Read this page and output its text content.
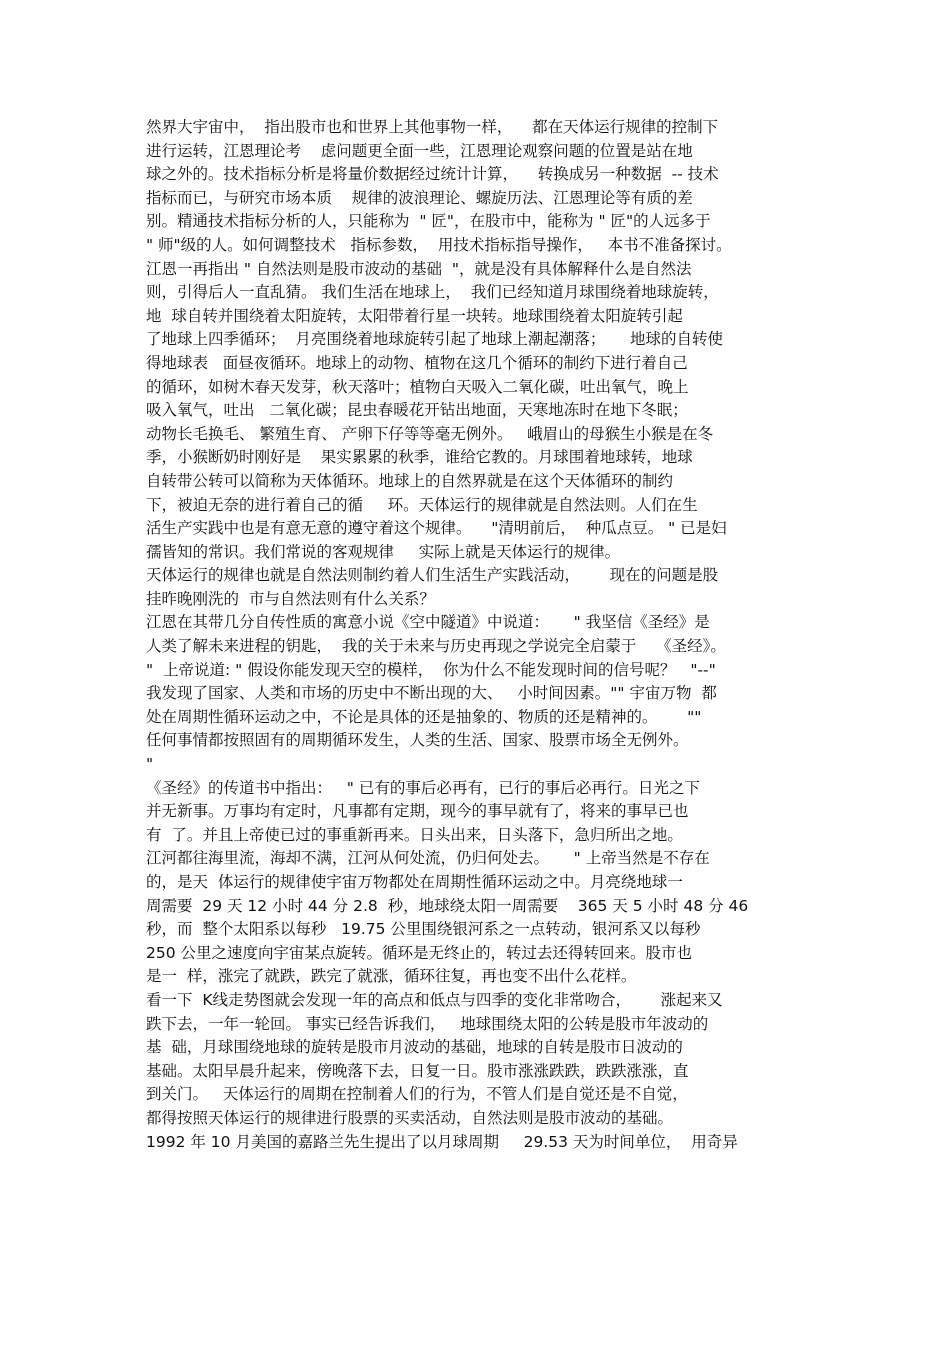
然界大宇宙中，  指出股市也和世界上其他事物一样，    都在天体运行规律的控制下
进行运转，江恩理论考    虑问题更全面一些，江恩理论观察问题的位置是站在地
球之外的。技术指标分析是将量价数据经过统计计算，    转换成另一种数据  -- 技术
指标而已，与研究市场本质    规律的波浪理论、螺旋历法、江恩理论等有质的差
别。精通技术指标分析的人，只能称为  " 匠"，在股市中，能称为 " 匠"的人远多于
" 师"级的人。如何调整技术   指标参数，  用技术指标指导操作，   本书不准备探讨。
江恩一再指出 " 自然法则是股市波动的基础  "，就是没有具体解释什么是自然法
则，引得后人一直乱猜。 我们生活在地球上，  我们已经知道月球围绕着地球旋转，
地  球自转并围绕着太阳旋转，太阳带着行星一块转。地球围绕着太阳旋转引起
了地球上四季循环；  月亮围绕着地球旋转引起了地球上潮起潮落；     地球的自转使
得地球表   面昼夜循环。地球上的动物、植物在这几个循环的制约下进行着自己
的循环，如树木春天发芽，秋天落叶；植物白天吸入二氧化碳，吐出氧气，晚上
吸入氧气，吐出   二氧化碳；昆虫春暖花开钻出地面，天寒地冻时在地下冬眠；
动物长毛换毛、 繁殖生育、 产卵下仔等等毫无例外。   峨眉山的母猴生小猴是在冬
季，小猴断奶时刚好是    果实累累的秋季，谁给它教的。月球围着地球转，地球
自转带公转可以简称为天体循环。地球上的自然界就是在这个天体循环的制约
下，被迫无奈的进行着自己的循     环。天体运行的规律就是自然法则。人们在生
活生产实践中也是有意无意的遵守着这个规律。    "清明前后，  种瓜点豆。 " 已是妇
孺皆知的常识。我们常说的客观规律     实际上就是天体运行的规律。
天体运行的规律也就是自然法则制约着人们生活生产实践活动，      现在的问题是股
挂昨晚刚洗的  市与自然法则有什么关系？
江恩在其带几分自传性质的寓意小说《空中隧道》中说道：     " 我坚信《圣经》是
人类了解未来进程的钥匙，  我的关于未来与历史再现之学说完全启蒙于    《圣经》。
"  上帝说道: " 假设你能发现天空的模样，  你为什么不能发现时间的信号呢？   "--"
我发现了国家、人类和市场的历史中不断出现的大、   小时间因素。"" 宇宙万物  都
处在周期性循环运动之中，不论是具体的还是抽象的、物质的还是精神的。      ""
任何事情都按照固有的周期循环发生，人类的生活、国家、股票市场全无例外。
"
《圣经》的传道书中指出：   " 已有的事后必再有，已行的事后必再行。日光之下
并无新事。万事均有定时，凡事都有定期，现今的事早就有了，将来的事早已也
有  了。并且上帝使已过的事重新再来。日头出来，日头落下，急归所出之地。
江河都往海里流，海却不满，江河从何处流，仍归何处去。     " 上帝当然是不存在
的，是天  体运行的规律使宇宙万物都处在周期性循环运动之中。月亮绕地球一
周需要  29 天 12 小时 44 分 2.8  秒，地球绕太阳一周需要    365 天 5 小时 48 分 46
秒，而  整个太阳系以每秒   19.75 公里围绕银河系之一点转动，银河系又以每秒
250 公里之速度向宇宙某点旋转。循环是无终止的，转过去还得转回来。股市也
是一  样，涨完了就跌，跌完了就涨，循环往复，再也变不出什么花样。
看一下  K线走势图就会发现一年的高点和低点与四季的变化非常吻合，      涨起来又
跌下去，一年一轮回。 事实已经告诉我们，   地球围绕太阳的公转是股市年波动的
基  础，月球围绕地球的旋转是股市月波动的基础，地球的自转是股市日波动的
基础。太阳早晨升起来，傍晚落下去，日复一日。股市涨涨跌跌，跌跌涨涨，直
到关门。   天体运行的周期在控制着人们的行为，不管人们是自觉还是不自觉，
都得按照天体运行的规律进行股票的买卖活动，自然法则是股市波动的基础。
1992 年 10 月美国的嘉路兰先生提出了以月球周期     29.53 天为时间单位，  用奇异
